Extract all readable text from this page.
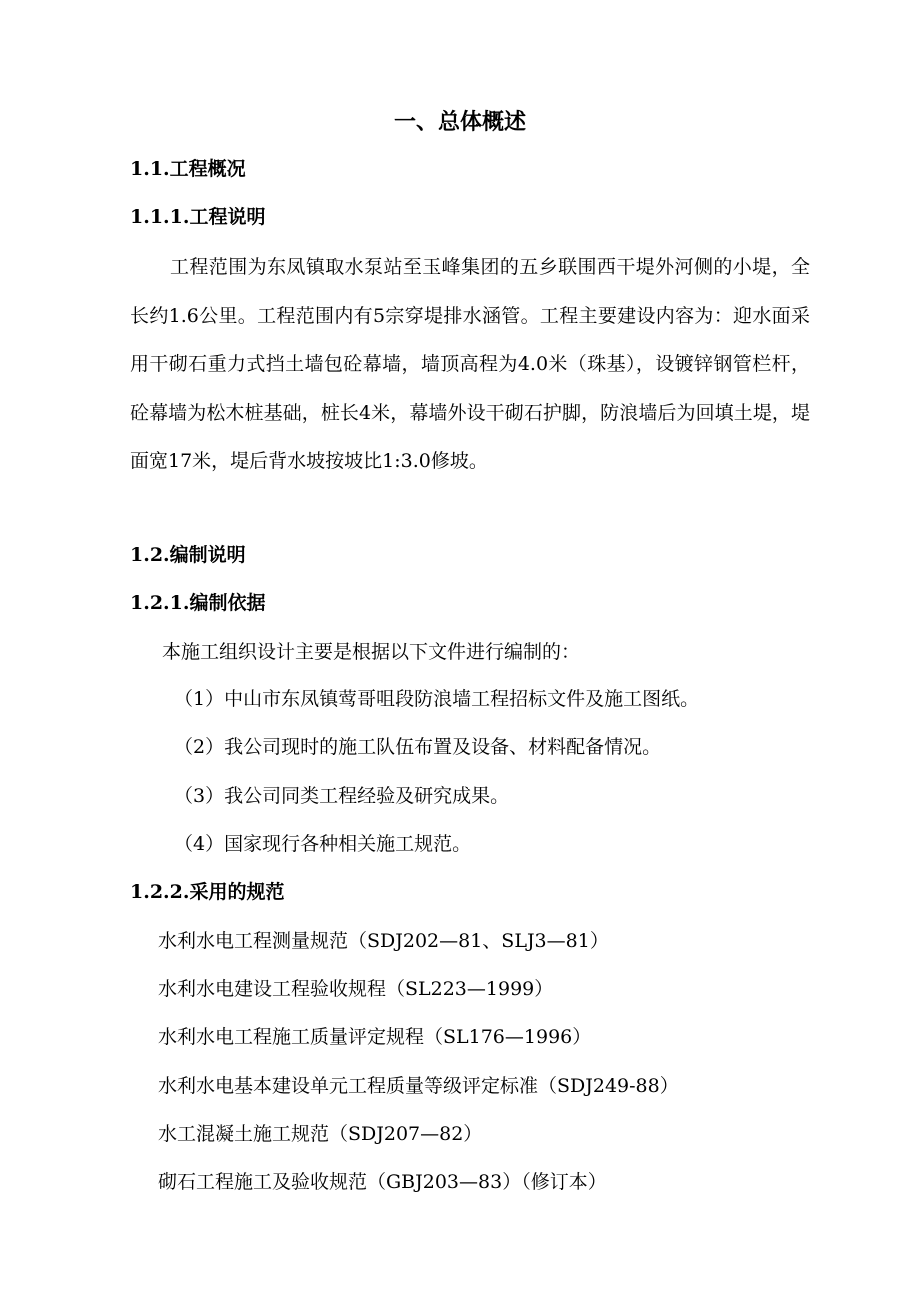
一、总体概述
1.1.工程概况
1.1.1.工程说明
工程范围为东凤镇取水泵站至玉峰集团的五乡联围西干堤外河侧的小堤，全长约1.6公里。工程范围内有5宗穿堤排水涵管。工程主要建设内容为：迎水面采用干砌石重力式挡土墙包砼幕墙，墙顶高程为4.0米（珠基），设镀锌钢管栏杆，砼幕墙为松木桩基础，桩长4米，幕墙外设干砌石护脚，防浪墙后为回填土堤，堤面宽17米，堤后背水坡按坡比1:3.0修坡。
1.2.编制说明
1.2.1.编制依据
本施工组织设计主要是根据以下文件进行编制的：
（1）中山市东凤镇莺哥咀段防浪墙工程招标文件及施工图纸。
（2）我公司现时的施工队伍布置及设备、材料配备情况。
（3）我公司同类工程经验及研究成果。
（4）国家现行各种相关施工规范。
1.2.2.采用的规范
水利水电工程测量规范（SDJ202—81、SLJ3—81）
水利水电建设工程验收规程（SL223—1999）
水利水电工程施工质量评定规程（SL176—1996）
水利水电基本建设单元工程质量等级评定标准（SDJ249-88）
水工混凝土施工规范（SDJ207—82）
砌石工程施工及验收规范（GBJ203—83）（修订本）
